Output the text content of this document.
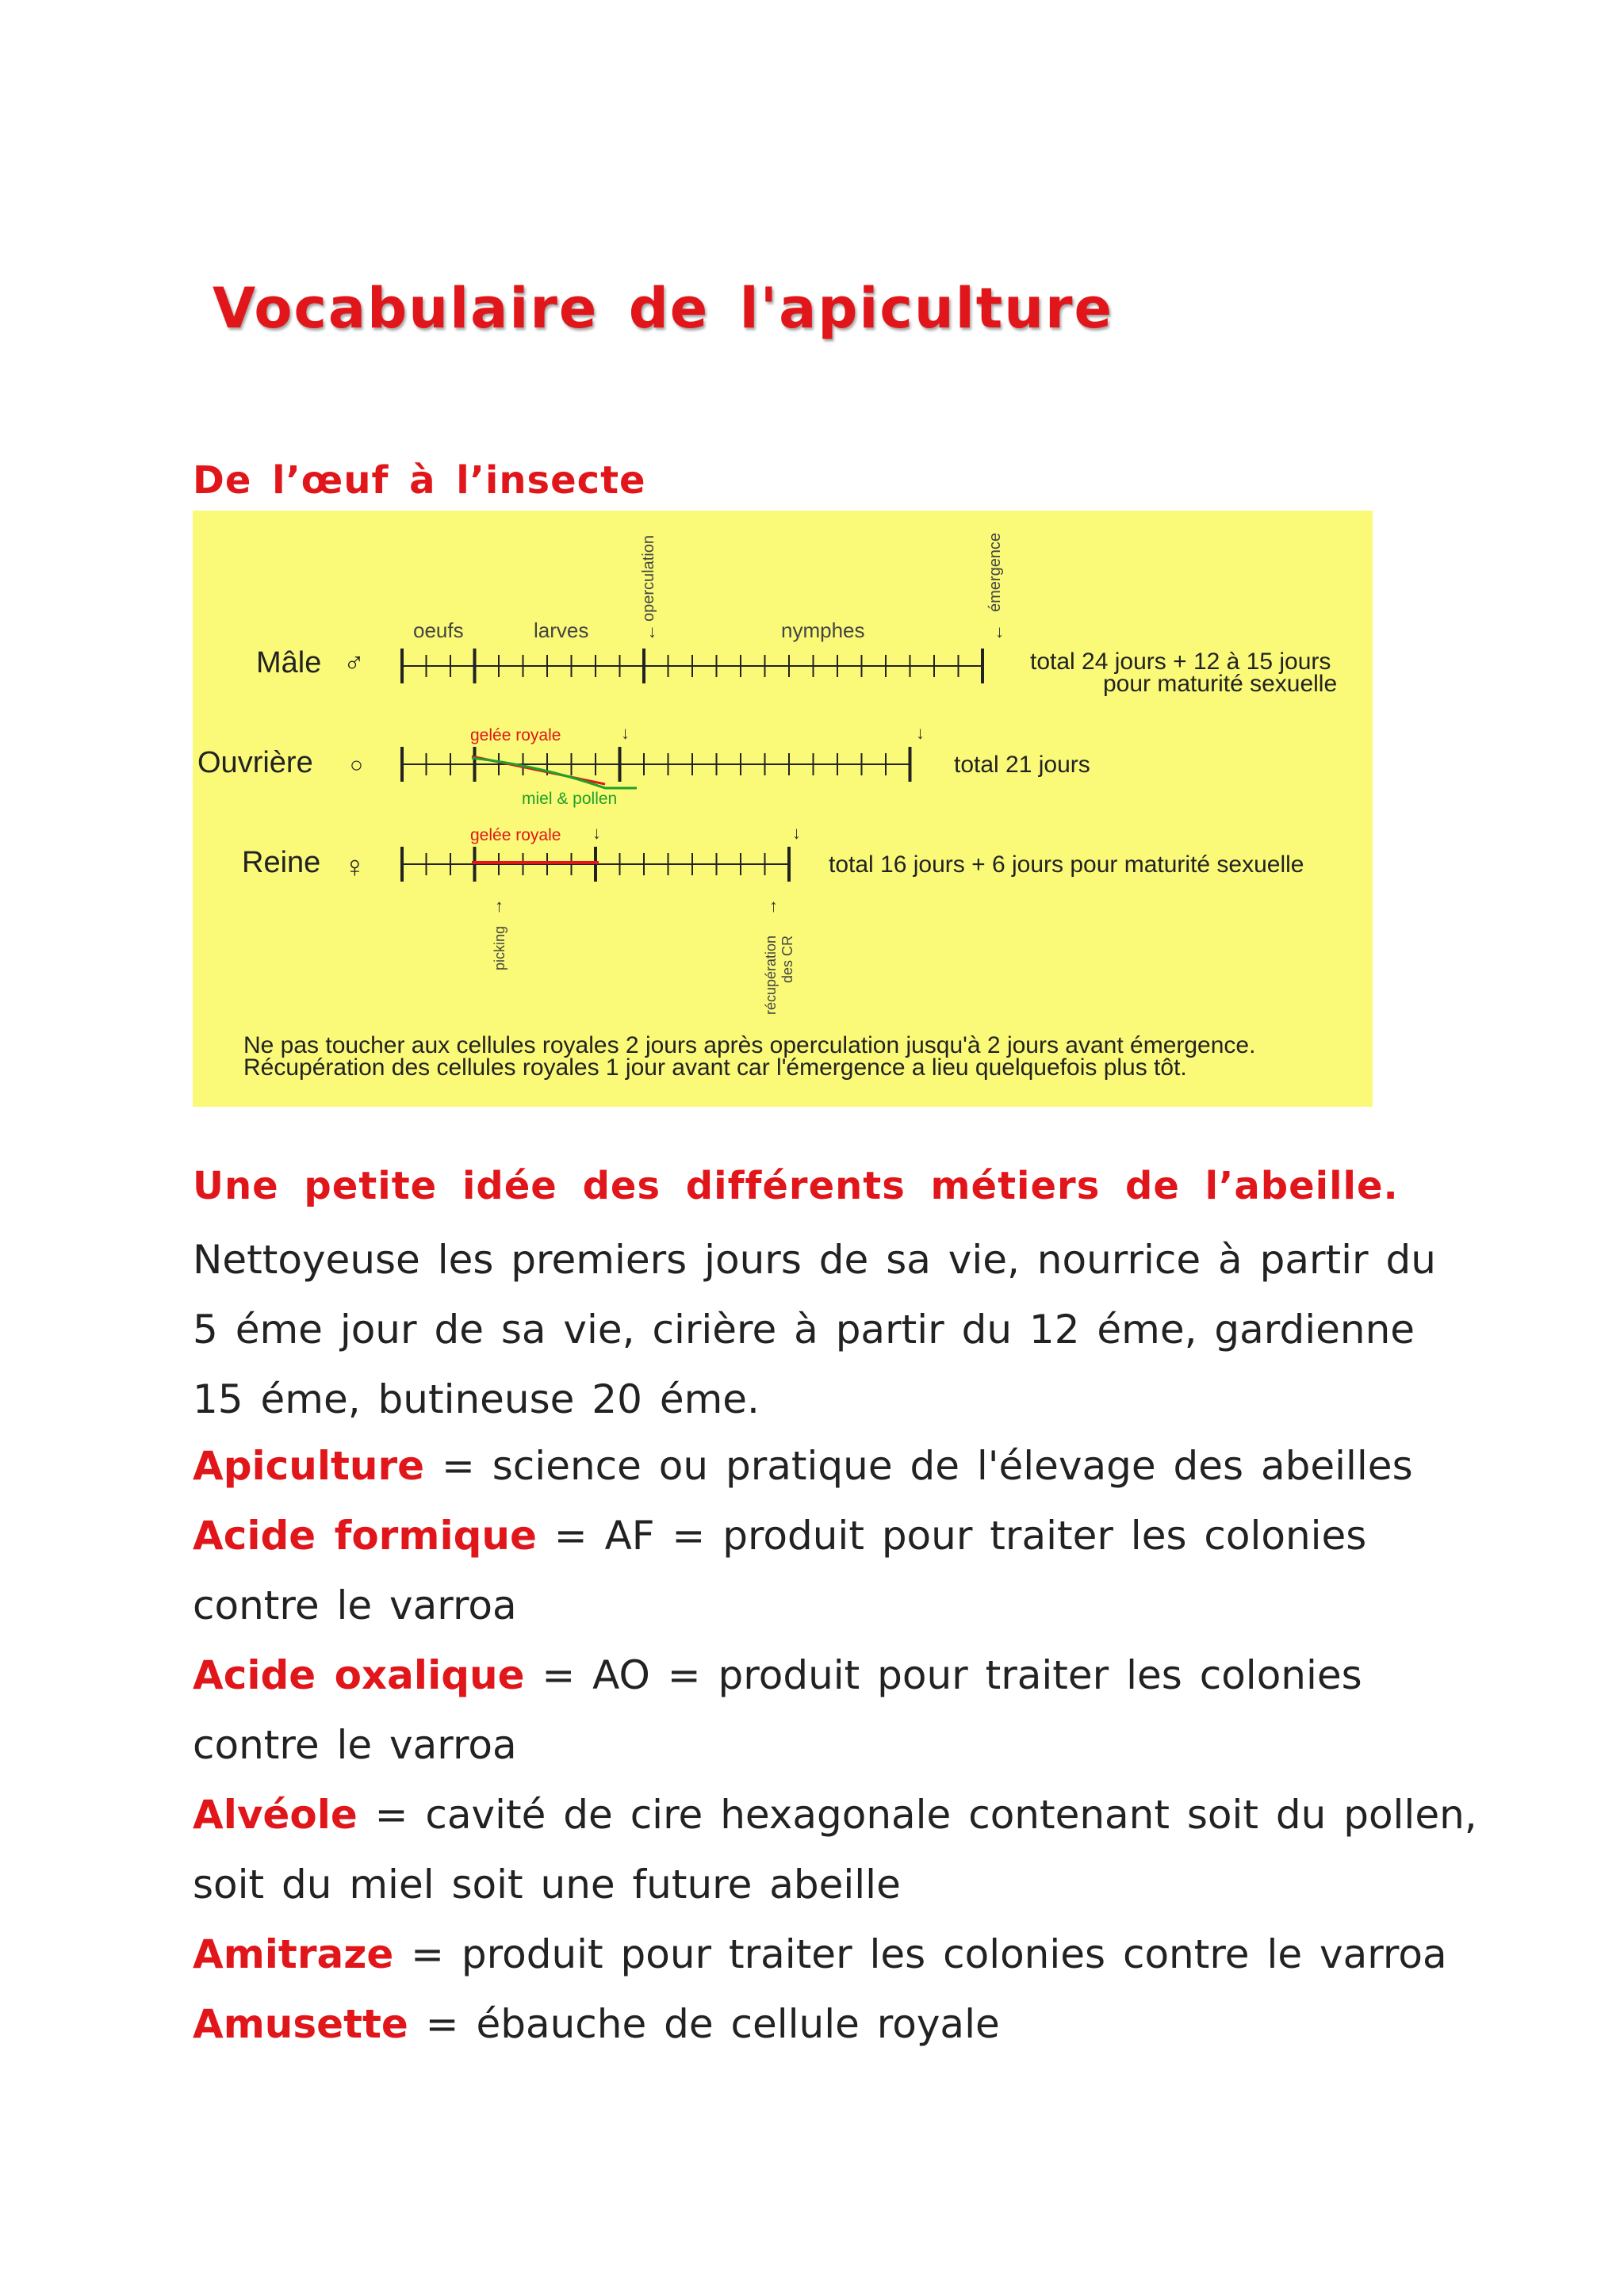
Vocabulaire de l'apiculture
De l’œuf à l’insecte
operculation
↓
émergence
↓
oeufs	larves	nymphes
Mâle ♂
Ouvrière ○
Reine ♀
gelée royale
miel & pollen
↓	↓
gelée royale ↓	↓
total 24 jours + 12 à 15 jours
pour maturité sexuelle
total 21 jours
total 16 jours + 6 jours pour maturité sexuelle
↑
picking
↑
récupération des CR
Ne pas toucher aux cellules royales 2 jours après operculation jusqu'à 2 jours avant émergence.
Récupération des cellules royales 1 jour avant car l'émergence a lieu quelquefois plus tôt.
Une petite idée des différents métiers de l’abeille.

Nettoyeuse les premiers jours de sa vie, nourrice à partir du 5 éme jour de sa vie, cirière à partir du 12 éme, gardienne 15 éme, butineuse 20 éme.

Apiculture = science ou pratique de l'élevage des abeilles
Acide formique = AF = produit pour traiter les colonies contre le varroa
Acide oxalique = AO = produit pour traiter les colonies contre le varroa
Alvéole = cavité de cire hexagonale contenant soit du pollen, soit du miel soit une future abeille
Amitraze = produit pour traiter les colonies contre le varroa
Amusette = ébauche de cellule royale
